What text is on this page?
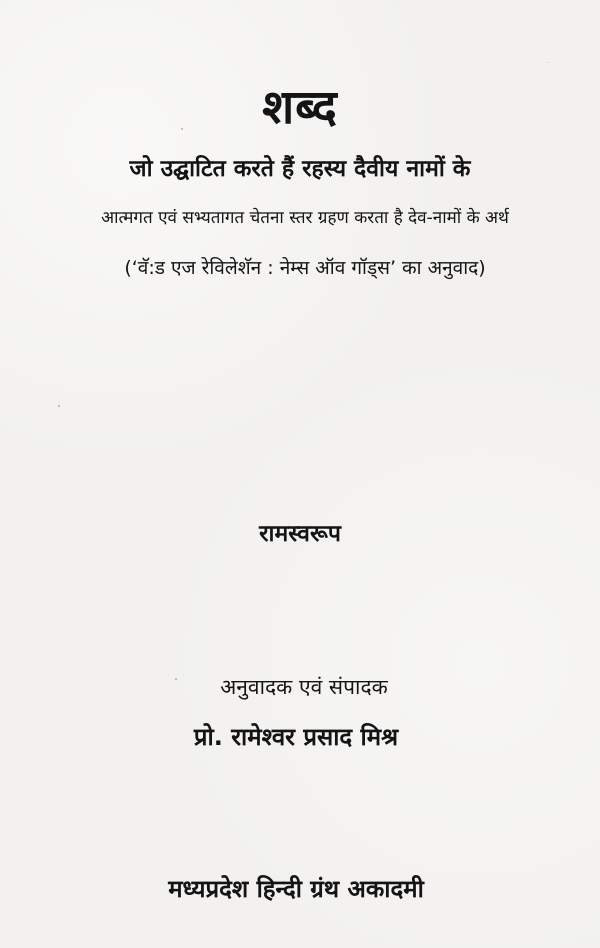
शब्द
जो उद्घाटित करते हैं रहस्य दैवीय नामों के
आत्मगत एवं सभ्यतागत चेतना स्तर ग्रहण करता है देव-नामों के अर्थ
(‘वॅ:ड एज रेविलेशॅन : नेम्स ऑव गॉड्स’ का अनुवाद)
रामस्वरूप
अनुवादक एवं संपादक
प्रो. रामेश्वर प्रसाद मिश्र
मध्यप्रदेश हिन्दी ग्रंथ अकादमी
